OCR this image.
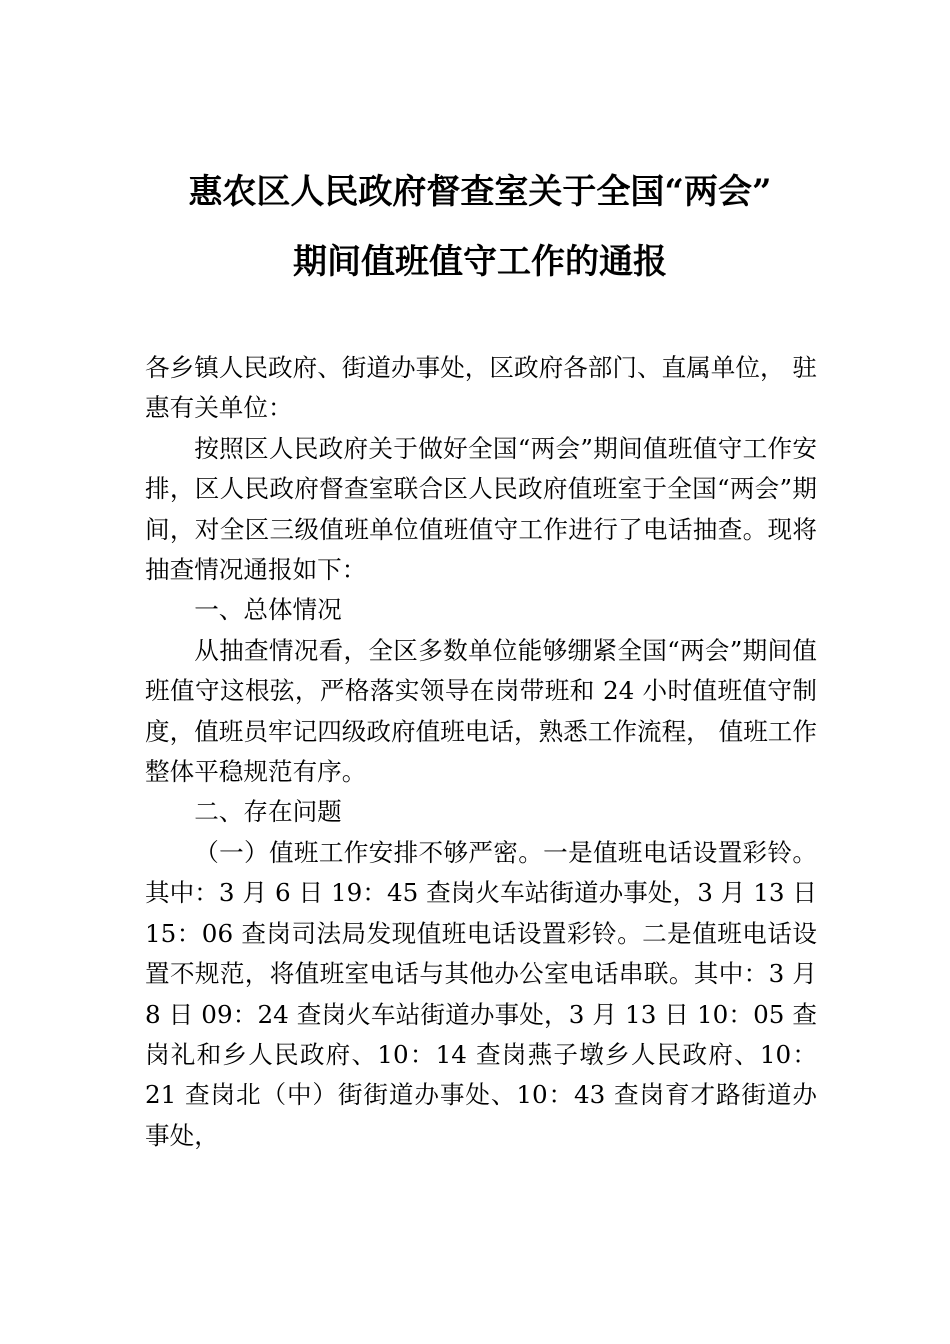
惠农区人民政府督查室关于全国“两会”
期间值班值守工作的通报

各乡镇人民政府、街道办事处，区政府各部门、直属单位， 驻惠有关单位：

按照区人民政府关于做好全国“两会”期间值班值守工作安排，区人民政府督查室联合区人民政府值班室于全国“两会”期间，对全区三级值班单位值班值守工作进行了电话抽查。现将抽查情况通报如下：

一、总体情况

从抽查情况看，全区多数单位能够绷紧全国“两会”期间值班值守这根弦，严格落实领导在岗带班和 24 小时值班值守制度，值班员牢记四级政府值班电话，熟悉工作流程， 值班工作整体平稳规范有序。

二、存在问题

（一）值班工作安排不够严密。一是值班电话设置彩铃。其中：3 月 6 日 19：45 查岗火车站街道办事处，3 月 13 日 15：06 查岗司法局发现值班电话设置彩铃。二是值班电话设置不规范，将值班室电话与其他办公室电话串联。其中：3 月 8 日 09：24 查岗火车站街道办事处，3 月 13 日 10：05 查岗礼和乡人民政府、10：14 查岗燕子墩乡人民政府、10：21 查岗北（中）街街道办事处、10：43 查岗育才路街道办事处，
